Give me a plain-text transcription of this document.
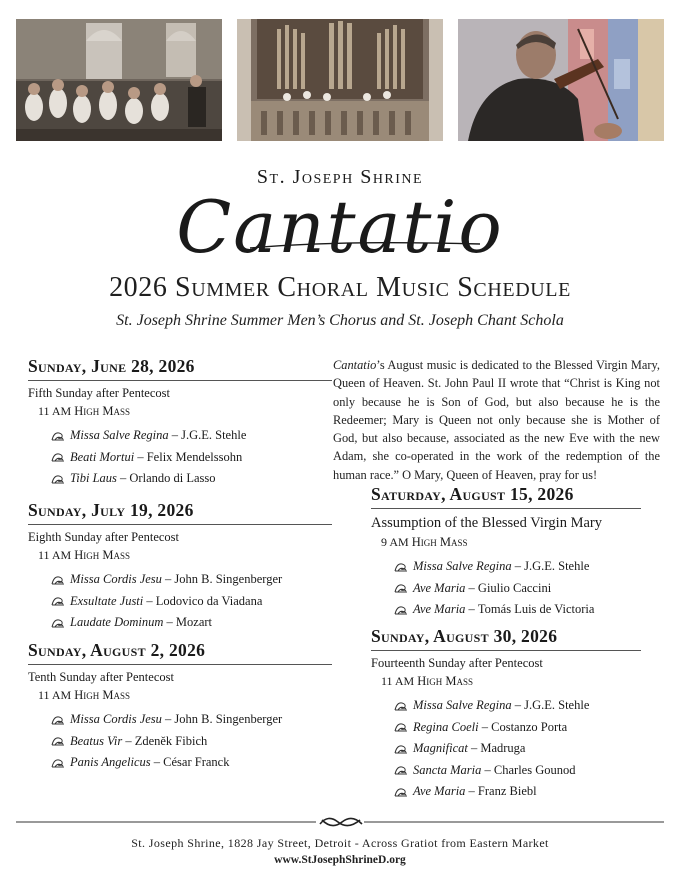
St. Joseph Shrine
Cantatio
2026 Summer Choral Music Schedule
St. Joseph Shrine Summer Men’s Chorus and St. Joseph Chant Schola
Cantatio’s August music is dedicated to the Blessed Virgin Mary, Queen of Heaven. St. John Paul II wrote that “Christ is King not only because he is Son of God, but also because he is the Redeemer; Mary is Queen not only because she is Mother of God, but also because, associated as the new Eve with the new Adam, she co-operated in the work of the redemption of the human race.” O Mary, Queen of Heaven, pray for us!
Sunday, June 28, 2026
Fifth Sunday after Pentecost
11 AM High Mass
Missa Salve Regina – J.G.E. Stehle
Beati Mortui – Felix Mendelssohn
Tibi Laus – Orlando di Lasso
Sunday, July 19, 2026
Eighth Sunday after Pentecost
11 AM High Mass
Missa Cordis Jesu – John B. Singenberger
Exsultate Justi – Lodovico da Viadana
Laudate Dominum – Mozart
Sunday, August 2, 2026
Tenth Sunday after Pentecost
11 AM High Mass
Missa Cordis Jesu – John B. Singenberger
Beatus Vir – Zdeněk Fibich
Panis Angelicus – César Franck
Saturday, August 15, 2026
Assumption of the Blessed Virgin Mary
9 AM High Mass
Missa Salve Regina – J.G.E. Stehle
Ave Maria – Giulio Caccini
Ave Maria – Tomás Luis de Victoria
Sunday, August 30, 2026
Fourteenth Sunday after Pentecost
11 AM High Mass
Missa Salve Regina – J.G.E. Stehle
Regina Coeli – Costanzo Porta
Magnificat – Madruga
Sancta Maria – Charles Gounod
Ave Maria – Franz Biebl
St. Joseph Shrine, 1828 Jay Street, Detroit - Across Gratiot from Eastern Market
www.StJosephShrineD.org
